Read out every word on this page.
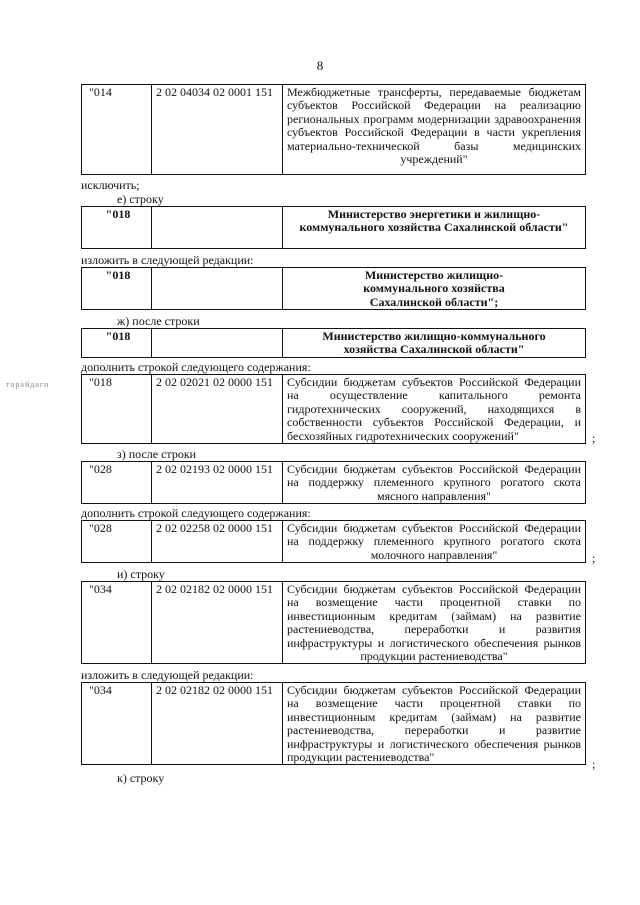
8
"014	2 02 04034 02 0001 151	Межбюджетные трансферты, передаваемые бюджетам субъектов Российской Федерации на реализацию региональных программ модернизации здравоохранения субъектов Российской Федерации в части укрепления материально-технической базы медицинских учреждений"
исключить;
е) строку
"018		Министерство энергетики и жилищно-коммунального хозяйства Сахалинской области"
изложить в следующей редакции:
"018		Министерство жилищно-коммунального хозяйства Сахалинской области";
ж) после строки
"018		Министерство жилищно-коммунального хозяйства Сахалинской области"
дополнить строкой следующего содержания:
торайдагн	"018	2 02 02021 02 0000 151	Субсидии бюджетам субъектов Российской Федерации на осуществление капитального ремонта гидротехнических сооружений, находящихся в собственности субъектов Российской Федерации, и бесхозяйных гидротехнических сооружений"	;
з) после строки
"028	2 02 02193 02 0000 151	Субсидии бюджетам субъектов Российской Федерации на поддержку племенного крупного рогатого скота мясного направления"
дополнить строкой следующего содержания:
"028	2 02 02258 02 0000 151	Субсидии бюджетам субъектов Российской Федерации на поддержку племенного крупного рогатого скота молочного направления"	;
и) строку
"034	2 02 02182 02 0000 151	Субсидии бюджетам субъектов Российской Федерации на возмещение части процентной ставки по инвестиционным кредитам (займам) на развитие растениеводства, переработки и развития инфраструктуры и логистического обеспечения рынков продукции растениеводства"
изложить в следующей редакции:
"034	2 02 02182 02 0000 151	Субсидии бюджетам субъектов Российской Федерации на возмещение части процентной ставки по инвестиционным кредитам (займам) на развитие растениеводства, переработки и развитие инфраструктуры и логистического обеспечения рынков продукции растениеводства"	;
к) строку
